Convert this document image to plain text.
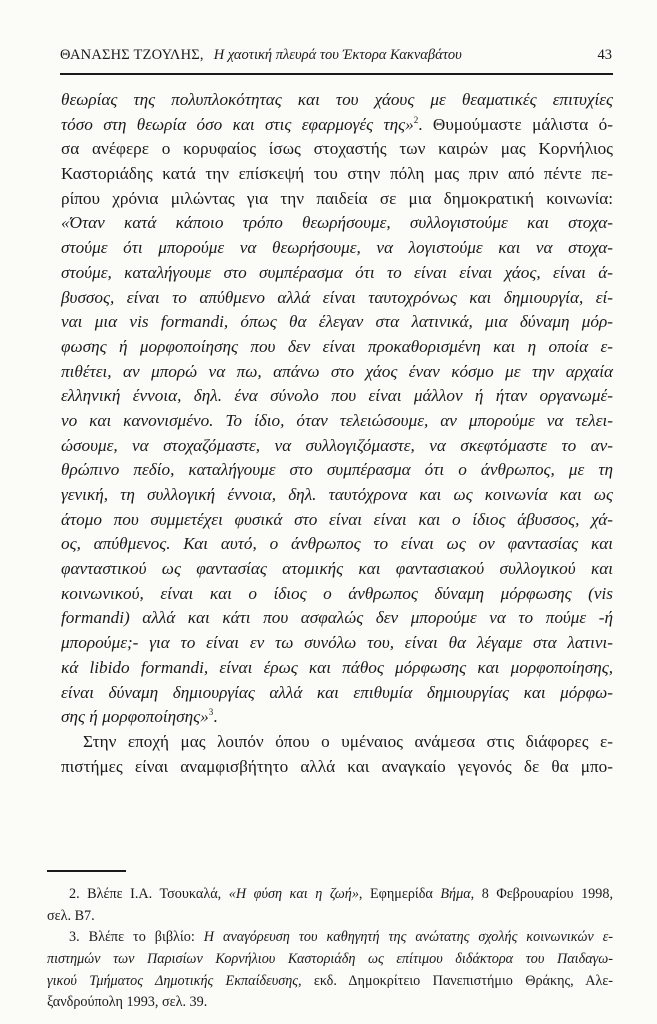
ΘΑΝΑΣΗΣ ΤΖΟΥΛΗΣ, Η χαοτική πλευρά του Έκτορα Κακναβάτου	43
θεωρίας της πολυπλοκότητας και του χάους με θεαματικές επιτυχίες
τόσο στη θεωρία όσο και στις εφαρμογές της»$^2$. Θυμούμαστε μάλιστα ό-
σα ανέφερε ο κορυφαίος ίσως στοχαστής των καιρών μας Κορνήλιος
Καστοριάδης κατά την επίσκεψή του στην πόλη μας πριν από πέντε πε-
ρίπου χρόνια μιλώντας για την παιδεία σε μια δημοκρατική κοινωνία:
«Όταν κατά κάποιο τρόπο θεωρήσουμε, συλλογιστούμε και στοχα-
στούμε ότι μπορούμε να θεωρήσουμε, να λογιστούμε και να στοχα-
στούμε, καταλήγουμε στο συμπέρασμα ότι το είναι είναι χάος, είναι ά-
βυσσος, είναι το απύθμενο αλλά είναι ταυτοχρόνως και δημιουργία, εί-
ναι μια vis formandi, όπως θα έλεγαν στα λατινικά, μια δύναμη μόρ-
φωσης ή μορφοποίησης που δεν είναι προκαθορισμένη και η οποία ε-
πιθέτει, αν μπορώ να πω, απάνω στο χάος έναν κόσμο με την αρχαία
ελληνική έννοια, δηλ. ένα σύνολο που είναι μάλλον ή ήταν οργανωμέ-
νο και κανονισμένο. Το ίδιο, όταν τελειώσουμε, αν μπορούμε να τελει-
ώσουμε, να στοχαζόμαστε, να συλλογιζόμαστε, να σκεφτόμαστε το αν-
θρώπινο πεδίο, καταλήγουμε στο συμπέρασμα ότι ο άνθρωπος, με τη
γενική, τη συλλογική έννοια, δηλ. ταυτόχρονα και ως κοινωνία και ως
άτομο που συμμετέχει φυσικά στο είναι είναι και ο ίδιος άβυσσος, χά-
ος, απύθμενος. Και αυτό, ο άνθρωπος το είναι ως ον φαντασίας και
φανταστικού ως φαντασίας ατομικής και φαντασιακού συλλογικού και
κοινωνικού, είναι και ο ίδιος ο άνθρωπος δύναμη μόρφωσης (vis
formandi) αλλά και κάτι που ασφαλώς δεν μπορούμε να το πούμε -ή
μπορούμε;- για το είναι εν τω συνόλω του, είναι θα λέγαμε στα λατινι-
κά libido formandi, είναι έρως και πάθος μόρφωσης και μορφοποίησης,
είναι δύναμη δημιουργίας αλλά και επιθυμία δημιουργίας και μόρφω-
σης ή μορφοποίησης»$^3$.
Στην εποχή μας λοιπόν όπου ο υμέναιος ανάμεσα στις διάφορες ε-
πιστήμες είναι αναμφισβήτητο αλλά και αναγκαίο γεγονός δε θα μπο-
2. Βλέπε Ι.Α. Τσουκαλά, «Η φύση και η ζωή», Εφημερίδα Βήμα, 8 Φεβρουαρίου 1998,
σελ. Β7.
3. Βλέπε το βιβλίο: Η αναγόρευση του καθηγητή της ανώτατης σχολής κοινωνικών ε-
πιστημών των Παρισίων Κορνήλιου Καστοριάδη ως επίτιμου διδάκτορα του Παιδαγω-
γικού Τμήματος Δημοτικής Εκπαίδευσης, εκδ. Δημοκρίτειο Πανεπιστήμιο Θράκης, Αλε-
ξανδρούπολη 1993, σελ. 39.
